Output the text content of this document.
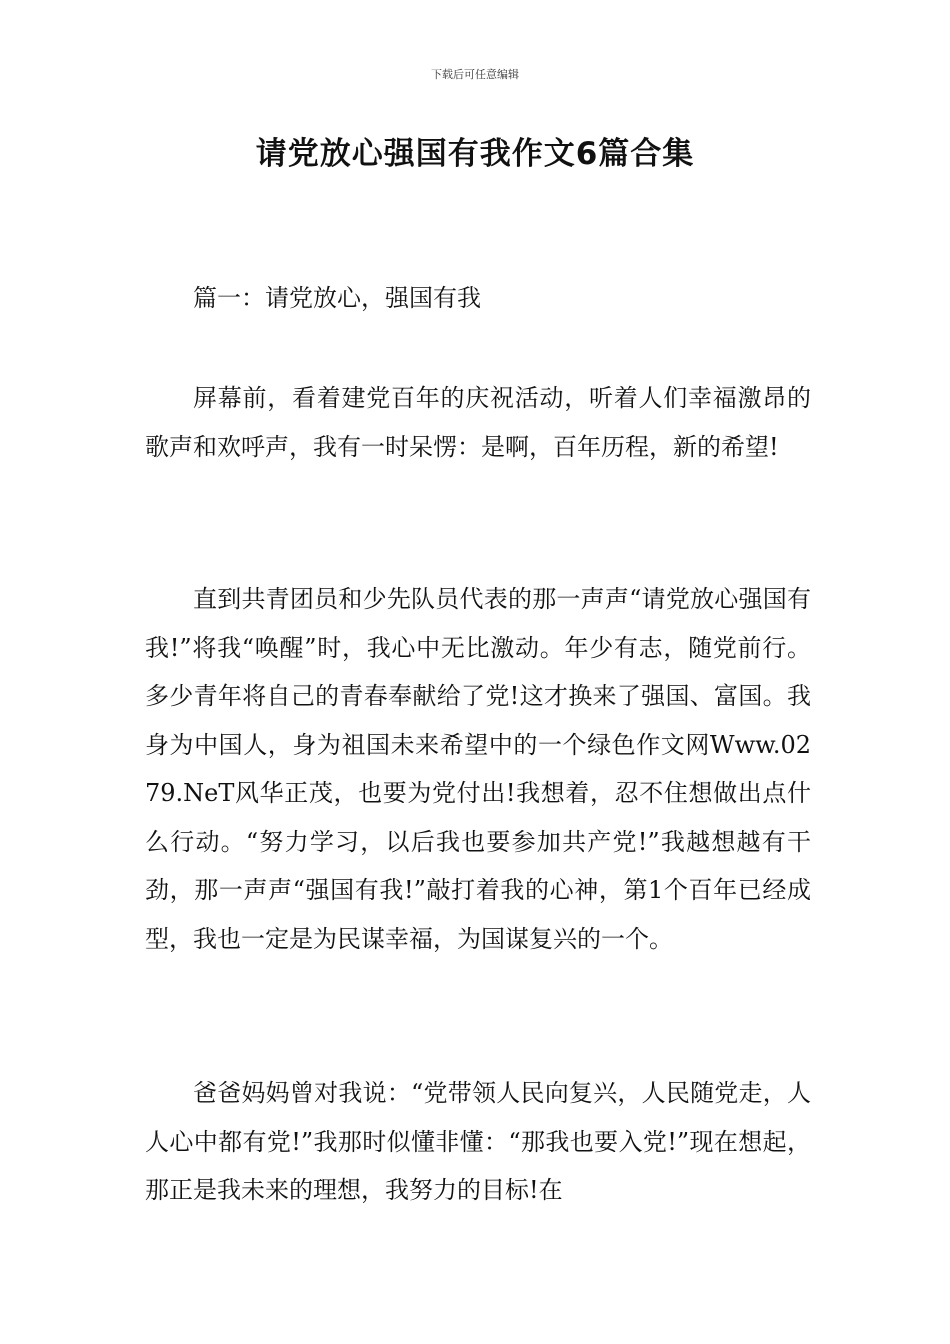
下载后可任意编辑
请党放心强国有我作文6篇合集
篇一：请党放心，强国有我

屏幕前，看着建党百年的庆祝活动，听着人们幸福激昂的歌声和欢呼声，我有一时呆愣：是啊，百年历程，新的希望!

直到共青团员和少先队员代表的那一声声“请党放心强国有我!”将我“唤醒”时，我心中无比激动。年少有志，随党前行。多少青年将自己的青春奉献给了党!这才换来了强国、富国。我身为中国人，身为祖国未来希望中的一个绿色作文网Www.0279.NeT风华正茂，也要为党付出!我想着，忍不住想做出点什么行动。“努力学习，以后我也要参加共产党!”我越想越有干劲，那一声声“强国有我!”敲打着我的心神，第1个百年已经成型，我也一定是为民谋幸福，为国谋复兴的一个。

爸爸妈妈曾对我说：“党带领人民向复兴，人民随党走，人人心中都有党!”我那时似懂非懂：“那我也要入党!”现在想起，那正是我未来的理想，我努力的目标!在
